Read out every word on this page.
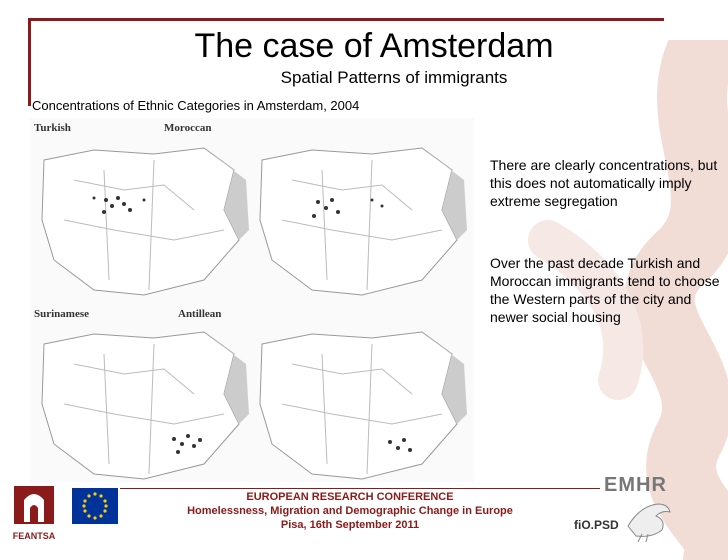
The case of Amsterdam
Spatial Patterns of immigrants
Concentrations of Ethnic Categories in Amsterdam, 2004
Turkish	Moroccan
Surinamese	Antillean
There are clearly concentrations, but this does not automatically imply extreme segregation
Over the past decade Turkish and Moroccan immigrants tend to choose the Western parts of the city and newer social housing
FEANTSA
EUROPEAN RESEARCH CONFERENCE
Homelessness, Migration and Demographic Change in Europe
Pisa, 16th September 2011
EMHR
fiO.PSD
